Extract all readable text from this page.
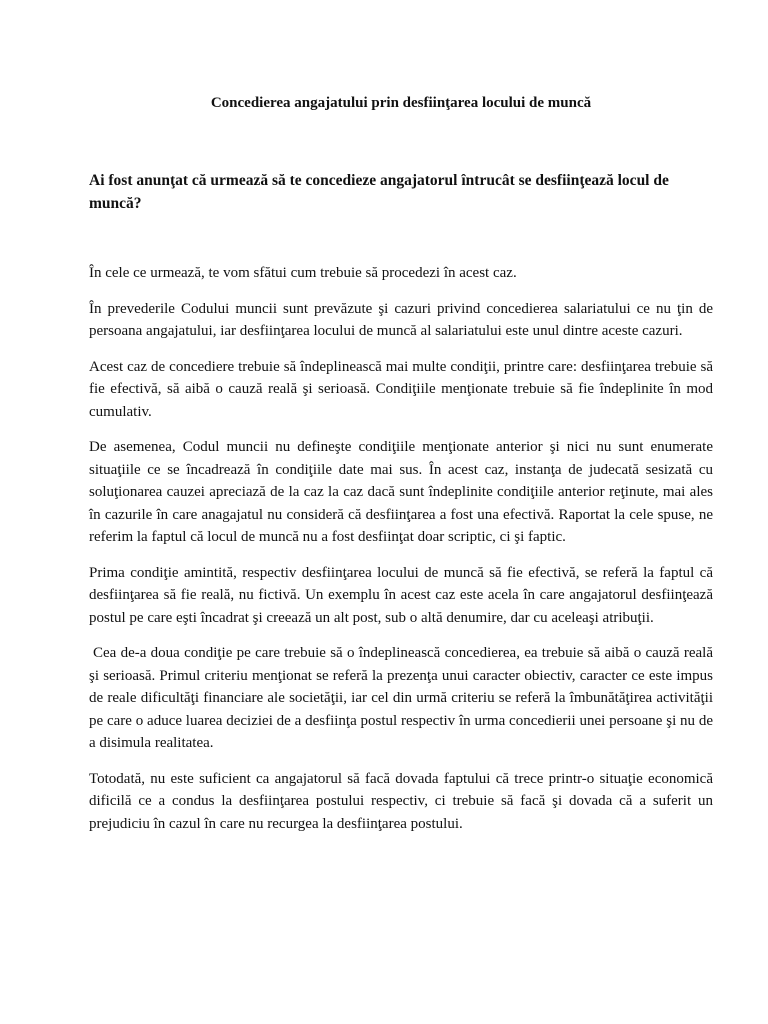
Concedierea angajatului prin desfiinţarea locului de muncă
Ai fost anunţat că urmează să te concedieze angajatorul întrucât se desfiinţează locul de muncă?

În cele ce urmează, te vom sfătui cum trebuie să procedezi în acest caz.

În prevederile Codului muncii sunt prevăzute şi cazuri privind concedierea salariatului ce nu ţin de persoana angajatului, iar desfiinţarea locului de muncă al salariatului este unul dintre aceste cazuri.

Acest caz de concediere trebuie să îndeplinească mai multe condiţii, printre care: desfiinţarea trebuie să fie efectivă, să aibă o cauză reală şi serioasă. Condiţiile menţionate trebuie să fie îndeplinite în mod cumulativ.

De asemenea, Codul muncii nu defineşte condiţiile menţionate anterior şi nici nu sunt enumerate situaţiile ce se încadrează în condiţiile date mai sus. În acest caz, instanţa de judecată sesizată cu soluţionarea cauzei apreciază de la caz la caz dacă sunt îndeplinite condiţiile anterior reţinute, mai ales în cazurile în care anagajatul nu consideră că desfiinţarea a fost una efectivă. Raportat la cele spuse, ne referim la faptul că locul de muncă nu a fost desfiinţat doar scriptic, ci şi faptic.

Prima condiţie amintită, respectiv desfiinţarea locului de muncă să fie efectivă, se referă la faptul că desfiinţarea să fie reală, nu fictivă. Un exemplu în acest caz este acela în care angajatorul desfiinţează postul pe care eşti încadrat şi creează un alt post, sub o altă denumire, dar cu aceleaşi atribuţii.

Cea de-a doua condiţie pe care trebuie să o îndeplinească concedierea, ea trebuie să aibă o cauză reală şi serioasă. Primul criteriu menţionat se referă la prezenţa unui caracter obiectiv, caracter ce este impus de reale dificultăţi financiare ale societăţii, iar cel din urmă criteriu se referă la îmbunătăţirea activităţii pe care o aduce luarea deciziei de a desfiinţa postul respectiv în urma concedierii unei persoane şi nu de a disimula realitatea.

Totodată, nu este suficient ca angajatorul să facă dovada faptului că trece printr-o situaţie economică dificilă ce a condus la desfiinţarea postului respectiv, ci trebuie să facă şi dovada că a suferit un prejudiciu în cazul în care nu recurgea la desfiinţarea postului.
